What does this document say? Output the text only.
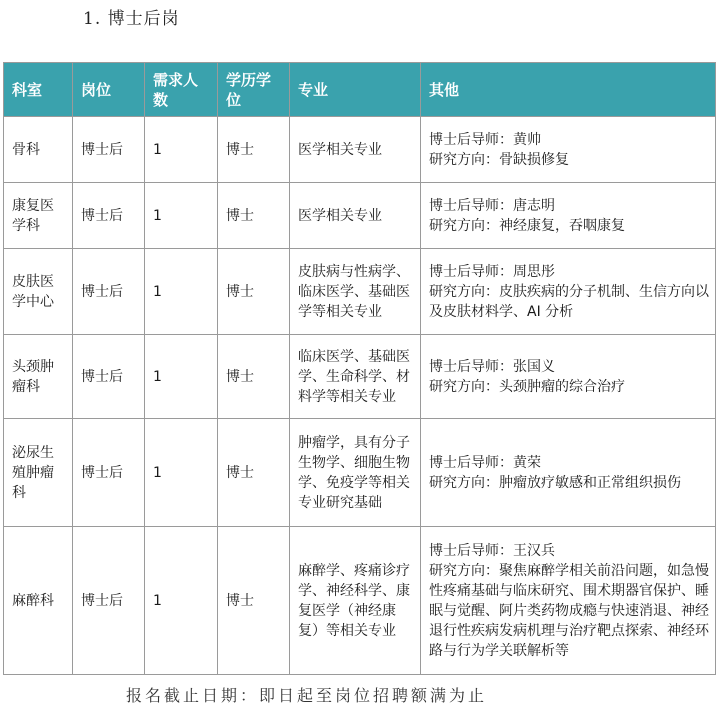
1. 博士后岗
科室	岗位	需求人数	学历学位	专业	其他
骨科	博士后	1	博士	医学相关专业	博士后导师：黄帅
研究方向：骨缺损修复

康复医学科	博士后	1	博士	医学相关专业	博士后导师：唐志明
研究方向：神经康复，吞咽康复

皮肤医学中心	博士后	1	博士	皮肤病与性病学、临床医学、基础医学等相关专业	博士后导师：周思彤
研究方向：皮肤疾病的分子机制、生信方向以及皮肤材料学、AI 分析

头颈肿瘤科	博士后	1	博士	临床医学、基础医学、生命科学、材料学等相关专业	博士后导师：张国义
研究方向：头颈肿瘤的综合治疗

泌尿生殖肿瘤科	博士后	1	博士	肿瘤学，具有分子生物学、细胞生物学、免疫学等相关专业研究基础	博士后导师：黄荣
研究方向：肿瘤放疗敏感和正常组织损伤

麻醉科	博士后	1	博士	麻醉学、疼痛诊疗学、神经科学、康复医学（神经康复）等相关专业	博士后导师：王汉兵
研究方向：聚焦麻醉学相关前沿问题，如急慢性疼痛基础与临床研究、围术期器官保护、睡眠与觉醒、阿片类药物成瘾与快速消退、神经退行性疾病发病机理与治疗靶点探索、神经环路与行为学关联解析等
报名截止日期：即日起至岗位招聘额满为止
